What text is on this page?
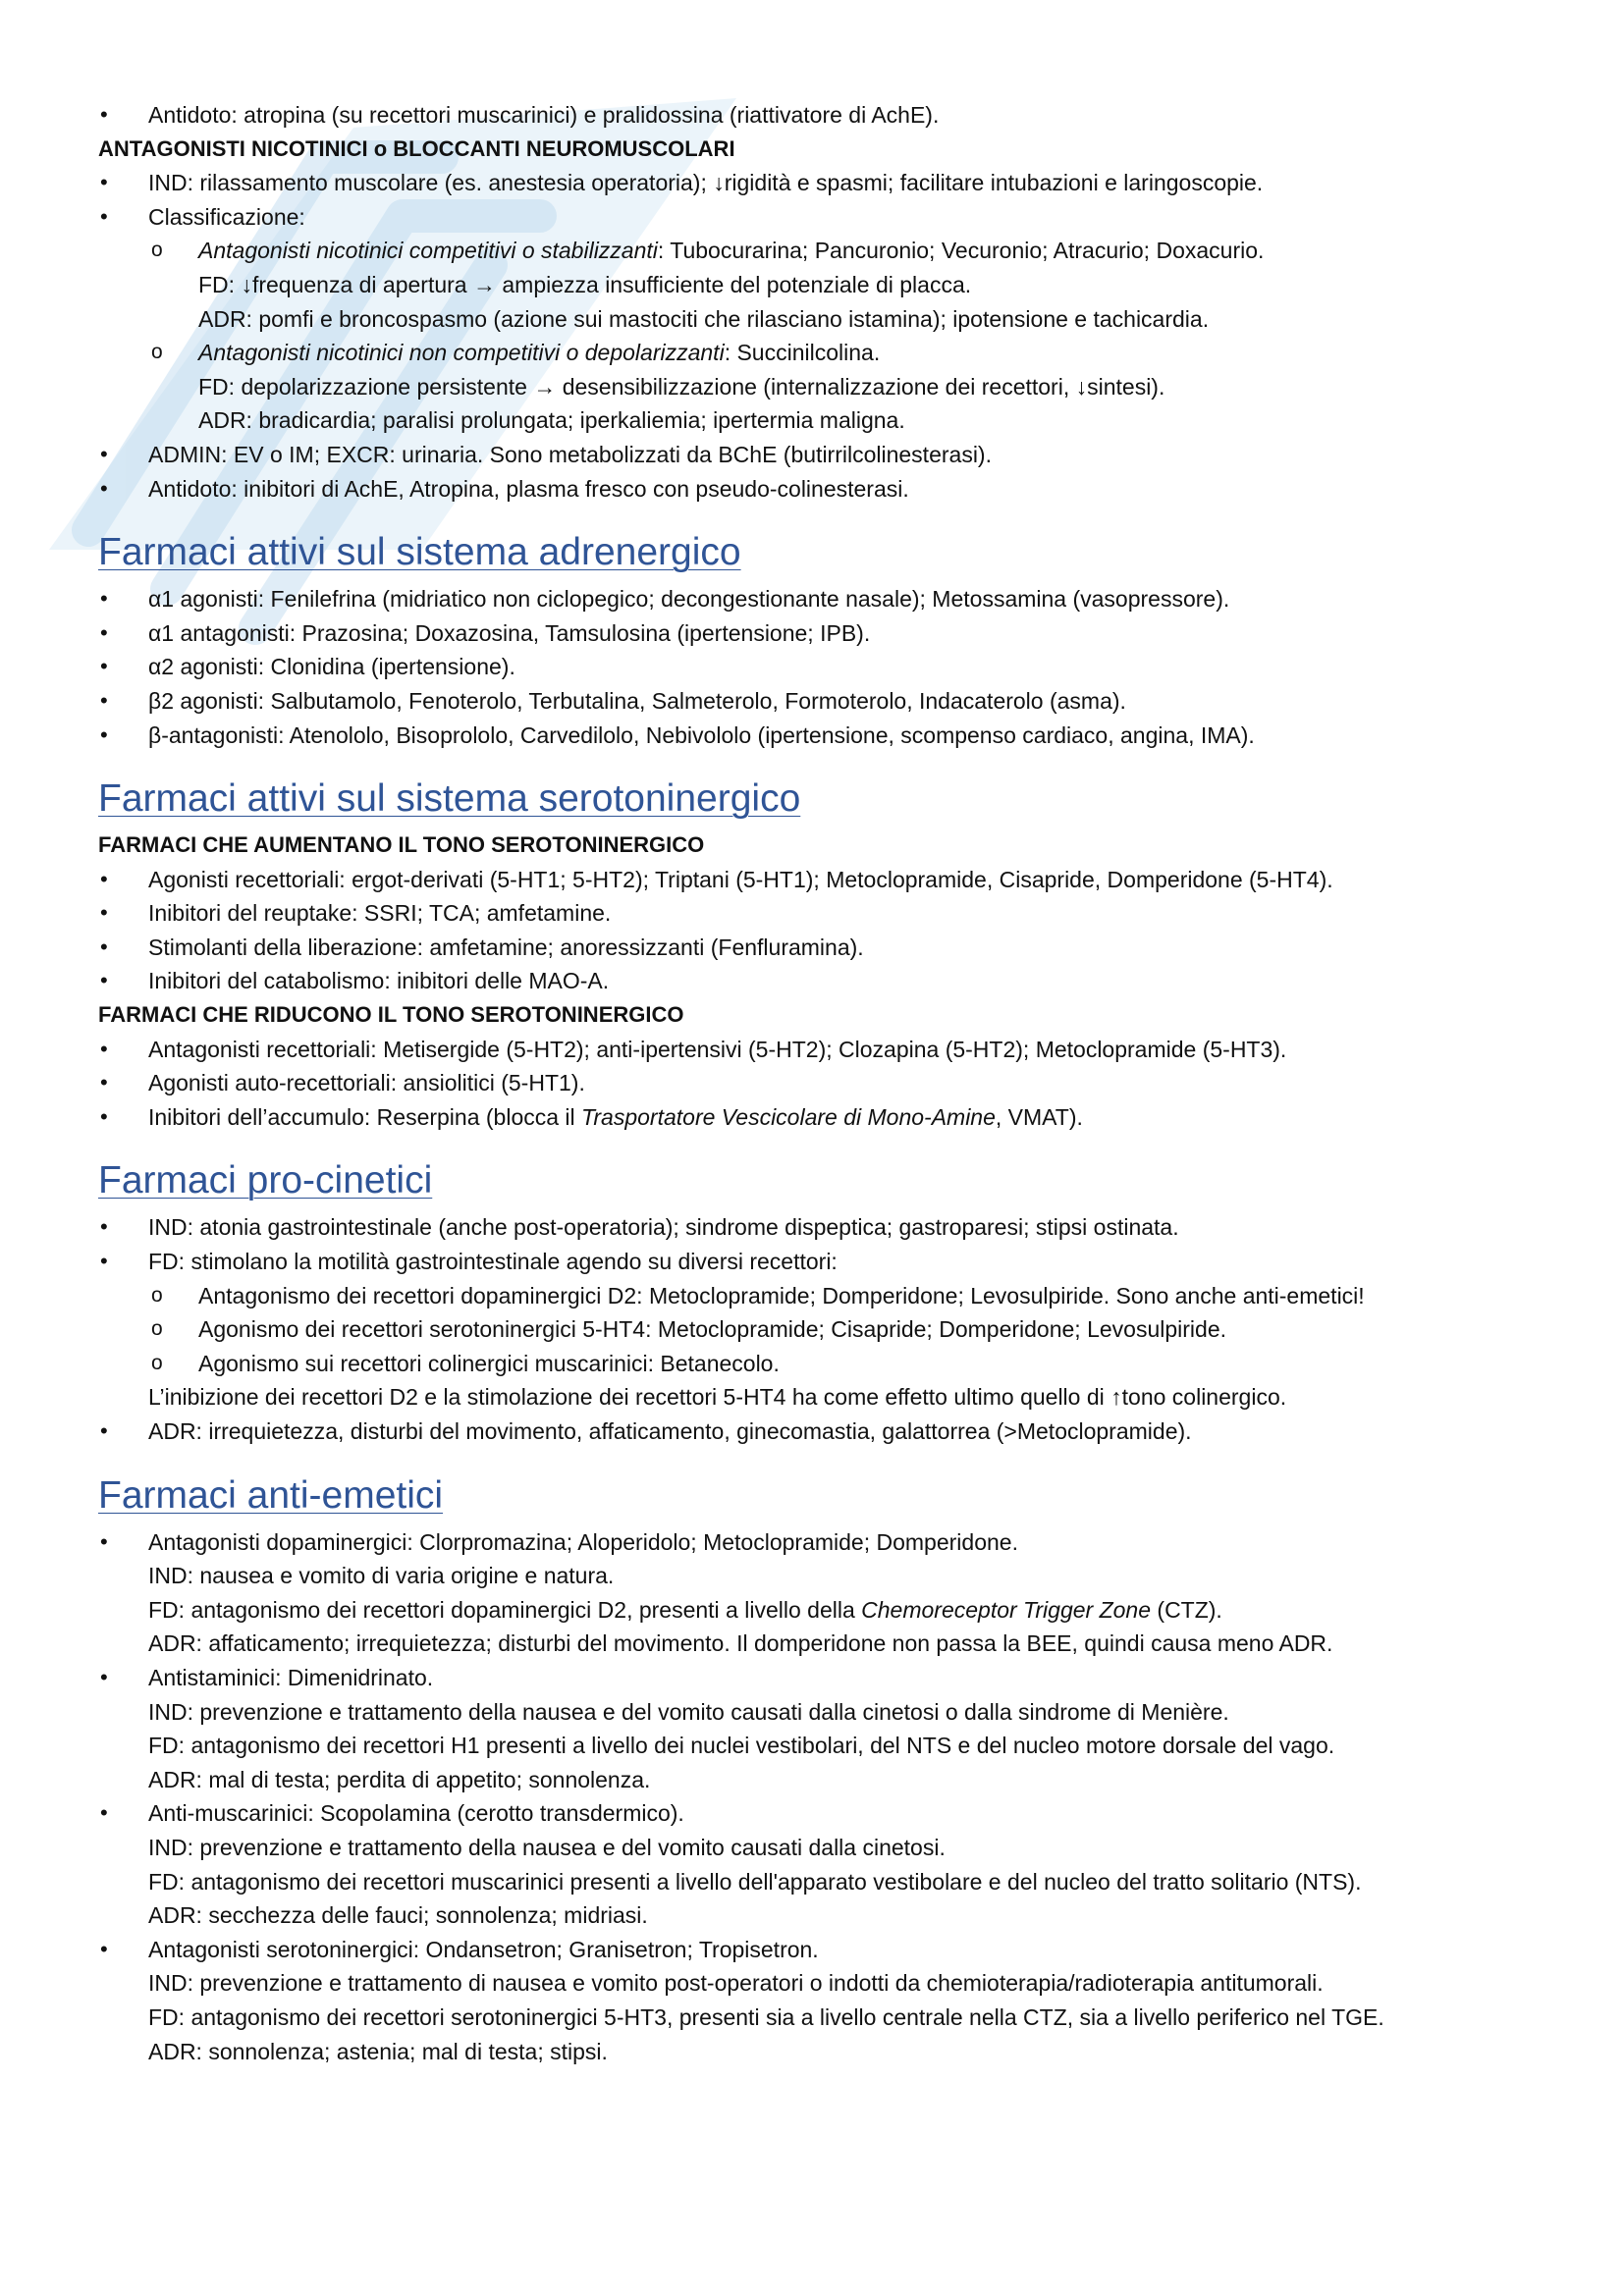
• Antidoto: atropina (su recettori muscarinici) e pralidossina (riattivatore di AchE).
ANTAGONISTI NICOTINICI o BLOCCANTI NEUROMUSCOLARI
• IND: rilassamento muscolare (es. anestesia operatoria); ↓rigidità e spasmi; facilitare intubazioni e laringoscopie.
• Classificazione:
o Antagonisti nicotinici competitivi o stabilizzanti: Tubocurarina; Pancuronio; Vecuronio; Atracurio; Doxacurio.
FD: ↓frequenza di apertura → ampiezza insufficiente del potenziale di placca.
ADR: pomfi e broncospasmo (azione sui mastociti che rilasciano istamina); ipotensione e tachicardia.
o Antagonisti nicotinici non competitivi o depolarizzanti: Succinilcolina.
FD: depolarizzazione persistente → desensibilizzazione (internalizzazione dei recettori, ↓sintesi).
ADR: bradicardia; paralisi prolungata; iperkaliemia; ipertermia maligna.
• ADMIN: EV o IM; EXCR: urinaria. Sono metabolizzati da BChE (butirrilcolinesterasi).
• Antidoto: inibitori di AchE, Atropina, plasma fresco con pseudo-colinesterasi.
Farmaci attivi sul sistema adrenergico
• α1 agonisti: Fenilefrina (midriatico non ciclopegico; decongestionante nasale); Metossamina (vasopressore).
• α1 antagonisti: Prazosina; Doxazosina, Tamsulosina (ipertensione; IPB).
• α2 agonisti: Clonidina (ipertensione).
• β2 agonisti: Salbutamolo, Fenoterolo, Terbutalina, Salmeterolo, Formoterolo, Indacaterolo (asma).
• β-antagonisti: Atenololo, Bisoprololo, Carvedilolo, Nebivololo (ipertensione, scompenso cardiaco, angina, IMA).
Farmaci attivi sul sistema serotoninergico
FARMACI CHE AUMENTANO IL TONO SEROTONINERGICO
• Agonisti recettoriali: ergot-derivati (5-HT1; 5-HT2); Triptani (5-HT1); Metoclopramide, Cisapride, Domperidone (5-HT4).
• Inibitori del reuptake: SSRI; TCA; amfetamine.
• Stimolanti della liberazione: amfetamine; anoressizzanti (Fenfluramina).
• Inibitori del catabolismo: inibitori delle MAO-A.
FARMACI CHE RIDUCONO IL TONO SEROTONINERGICO
• Antagonisti recettoriali: Metisergide (5-HT2); anti-ipertensivi (5-HT2); Clozapina (5-HT2); Metoclopramide (5-HT3).
• Agonisti auto-recettoriali: ansiolitici (5-HT1).
• Inibitori dell’accumulo: Reserpina (blocca il Trasportatore Vescicolare di Mono-Amine, VMAT).
Farmaci pro-cinetici
• IND: atonia gastrointestinale (anche post-operatoria); sindrome dispeptica; gastroparesi; stipsi ostinata.
• FD: stimolano la motilità gastrointestinale agendo su diversi recettori:
o Antagonismo dei recettori dopaminergici D2: Metoclopramide; Domperidone; Levosulpiride. Sono anche anti-emetici!
o Agonismo dei recettori serotoninergici 5-HT4: Metoclopramide; Cisapride; Domperidone; Levosulpiride.
o Agonismo sui recettori colinergici muscarinici: Betanecolo.
L’inibizione dei recettori D2 e la stimolazione dei recettori 5-HT4 ha come effetto ultimo quello di ↑tono colinergico.
• ADR: irrequietezza, disturbi del movimento, affaticamento, ginecomastia, galattorrea (>Metoclopramide).
Farmaci anti-emetici
• Antagonisti dopaminergici: Clorpromazina; Aloperidolo; Metoclopramide; Domperidone.
IND: nausea e vomito di varia origine e natura.
FD: antagonismo dei recettori dopaminergici D2, presenti a livello della Chemoreceptor Trigger Zone (CTZ).
ADR: affaticamento; irrequietezza; disturbi del movimento. Il domperidone non passa la BEE, quindi causa meno ADR.
• Antistaminici: Dimenidrinato.
IND: prevenzione e trattamento della nausea e del vomito causati dalla cinetosi o dalla sindrome di Menière.
FD: antagonismo dei recettori H1 presenti a livello dei nuclei vestibolari, del NTS e del nucleo motore dorsale del vago.
ADR: mal di testa; perdita di appetito; sonnolenza.
• Anti-muscarinici: Scopolamina (cerotto transdermico).
IND: prevenzione e trattamento della nausea e del vomito causati dalla cinetosi.
FD: antagonismo dei recettori muscarinici presenti a livello dell'apparato vestibolare e del nucleo del tratto solitario (NTS).
ADR: secchezza delle fauci; sonnolenza; midriasi.
• Antagonisti serotoninergici: Ondansetron; Granisetron; Tropisetron.
IND: prevenzione e trattamento di nausea e vomito post-operatori o indotti da chemioterapia/radioterapia antitumorali.
FD: antagonismo dei recettori serotoninergici 5-HT3, presenti sia a livello centrale nella CTZ, sia a livello periferico nel TGE.
ADR: sonnolenza; astenia; mal di testa; stipsi.
